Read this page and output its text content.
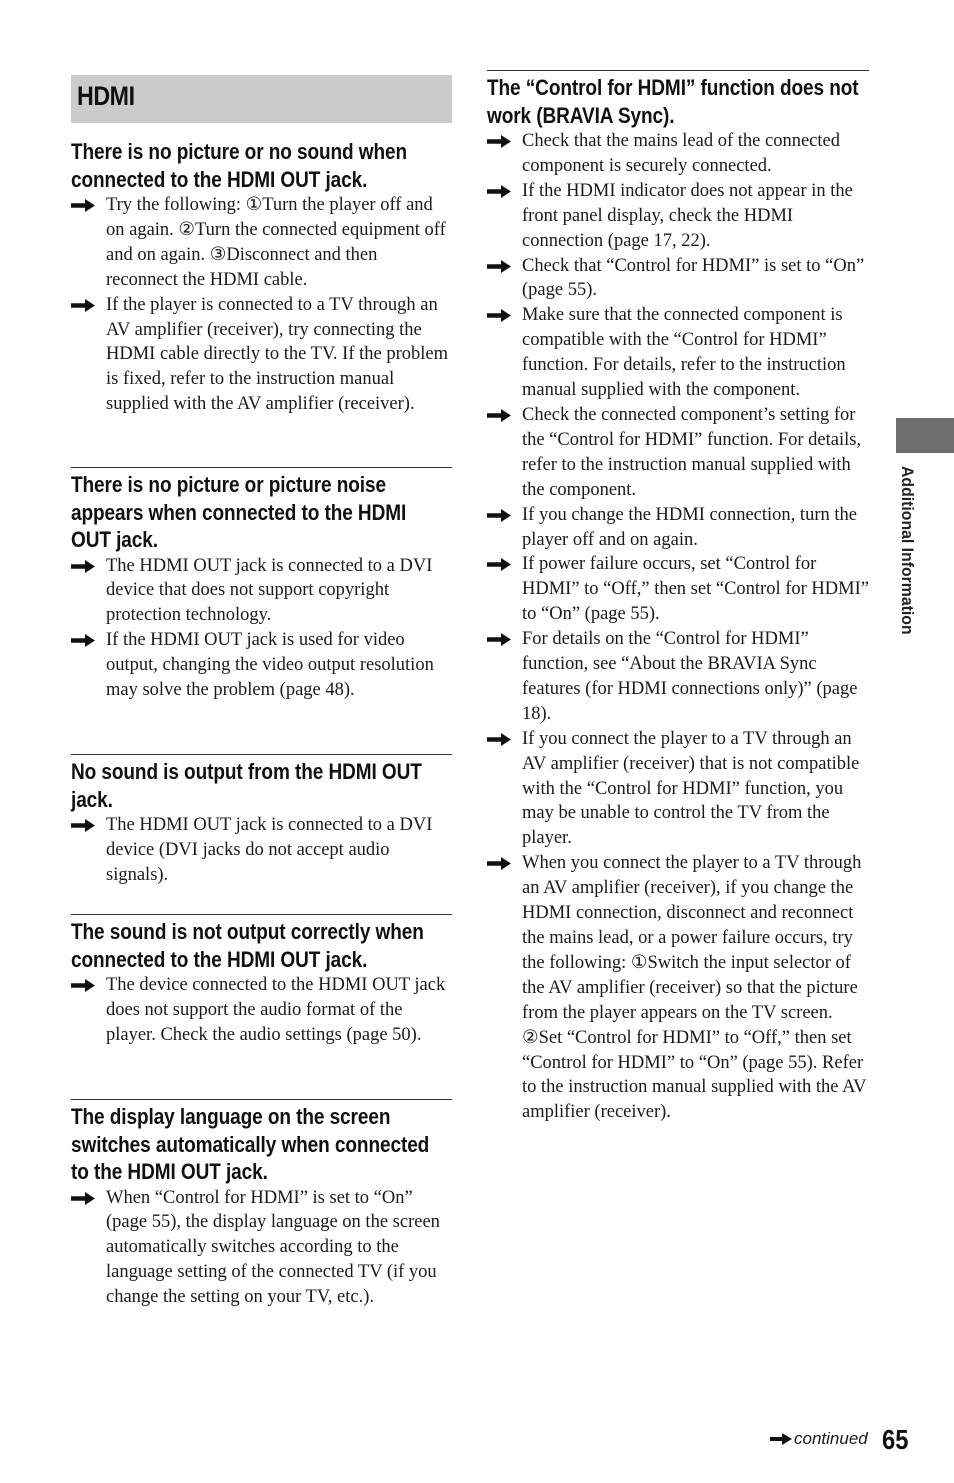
HDMI
There is no picture or no sound when connected to the HDMI OUT jack.
Try the following: ①Turn the player off and on again. ②Turn the connected equipment off and on again. ③Disconnect and then reconnect the HDMI cable.
If the player is connected to a TV through an AV amplifier (receiver), try connecting the HDMI cable directly to the TV. If the problem is fixed, refer to the instruction manual supplied with the AV amplifier (receiver).
There is no picture or picture noise appears when connected to the HDMI OUT jack.
The HDMI OUT jack is connected to a DVI device that does not support copyright protection technology.
If the HDMI OUT jack is used for video output, changing the video output resolution may solve the problem (page 48).
No sound is output from the HDMI OUT jack.
The HDMI OUT jack is connected to a DVI device (DVI jacks do not accept audio signals).
The sound is not output correctly when connected to the HDMI OUT jack.
The device connected to the HDMI OUT jack does not support the audio format of the player. Check the audio settings (page 50).
The display language on the screen switches automatically when connected to the HDMI OUT jack.
When “Control for HDMI” is set to “On” (page 55), the display language on the screen automatically switches according to the language setting of the connected TV (if you change the setting on your TV, etc.).
The “Control for HDMI” function does not work (BRAVIA Sync).
Check that the mains lead of the connected component is securely connected.
If the HDMI indicator does not appear in the front panel display, check the HDMI connection (page 17, 22).
Check that “Control for HDMI” is set to “On” (page 55).
Make sure that the connected component is compatible with the “Control for HDMI” function. For details, refer to the instruction manual supplied with the component.
Check the connected component’s setting for the “Control for HDMI” function. For details, refer to the instruction manual supplied with the component.
If you change the HDMI connection, turn the player off and on again.
If power failure occurs, set “Control for HDMI” to “Off,” then set “Control for HDMI” to “On” (page 55).
For details on the “Control for HDMI” function, see “About the BRAVIA Sync features (for HDMI connections only)” (page 18).
If you connect the player to a TV through an AV amplifier (receiver) that is not compatible with the “Control for HDMI” function, you may be unable to control the TV from the player.
When you connect the player to a TV through an AV amplifier (receiver), if you change the HDMI connection, disconnect and reconnect the mains lead, or a power failure occurs, try the following: ①Switch the input selector of the AV amplifier (receiver) so that the picture from the player appears on the TV screen. ②Set “Control for HDMI” to “Off,” then set “Control for HDMI” to “On” (page 55). Refer to the instruction manual supplied with the AV amplifier (receiver).
Additional Information
continued 65
